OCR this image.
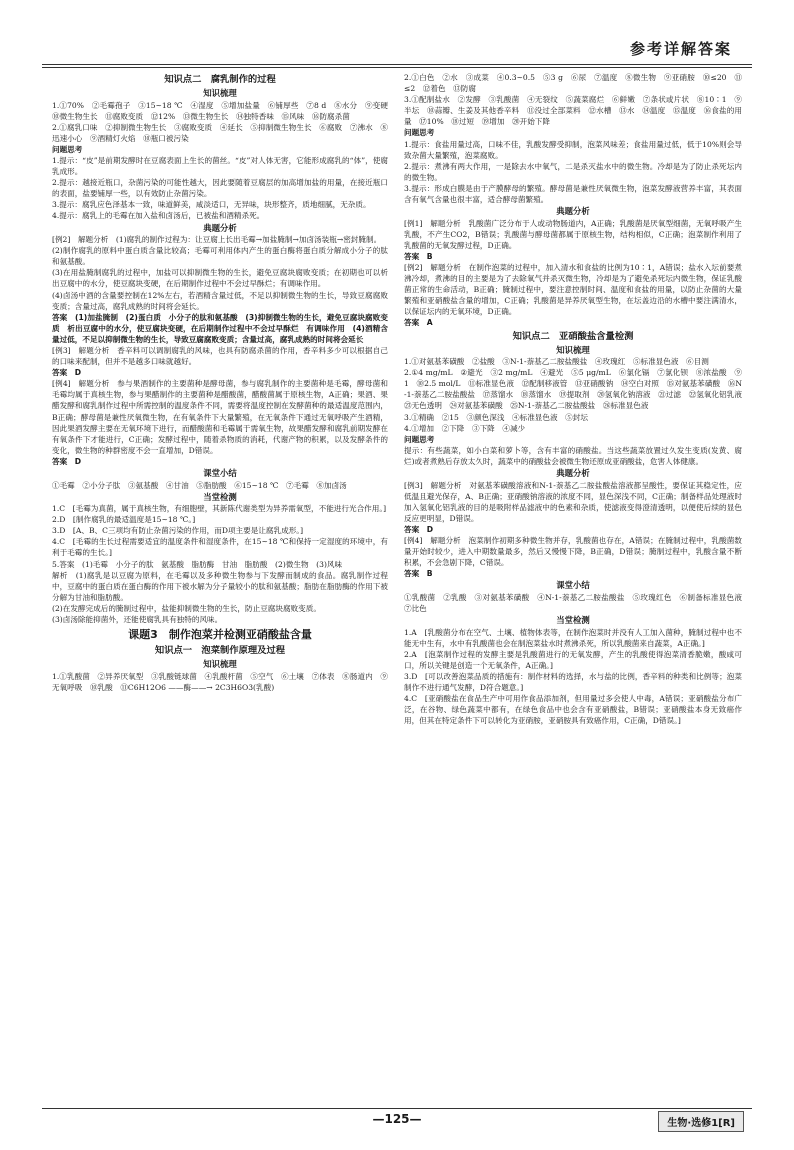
参考详解答案
知识点二　腐乳制作的过程
知识梳理

1.①70%　②毛霉孢子　③15~18 ℃　④湿度　⑤增加盐量　⑥铺厚些　⑦8 d　⑧水分　⑨变硬　⑩微生物生长　⑪腐败变质　⑫12%　⑬微生物生长　⑭独特香味　⑮风味　⑯防腐杀菌

2.①腐乳口味　②抑制微生物生长　③腐败变质　④延长　⑤抑制微生物生长　⑥腐败　⑦沸水　⑧迅速小心　⑨酒精灯火焰　⑩瓶口被污染

问题思考

1.提示：“皮”是前期发酵时在豆腐表面上生长的菌丝。“皮”对人体无害，它能形成腐乳的“体”，使腐乳成形。

2.提示：越接近瓶口，杂菌污染的可能性越大，因此要随着豆腐层的加高增加盐的用量，在接近瓶口的表面，盐要铺厚一些，以有效防止杂菌污染。

3.提示：腐乳应色泽基本一致，味道鲜美，咸淡适口，无异味，块形整齐，质地细腻，无杂质。

4.提示：腐乳上的毛霉在加入盐和卤汤后，已被盐和酒精杀死。

典题分析

[例2]　解题分析　(1)腐乳的制作过程为：让豆腐上长出毛霉→加盐腌制→加卤汤装瓶→密封腌制。

(2)制作腐乳的原料中蛋白质含量比较高；毛霉可利用体内产生的蛋白酶将蛋白质分解成小分子的肽和氨基酸。

(3)在用盐腌制腐乳的过程中，加盐可以抑制微生物的生长，避免豆腐块腐败变质；在初期也可以析出豆腐中的水分，使豆腐块变硬，在后期制作过程中不会过早酥烂；有调味作用。

(4)卤汤中酒的含量要控制在12%左右，若酒精含量过低，不足以抑制微生物的生长，导致豆腐腐败变质；含量过高，腐乳成熟的时间将会延长。

答案　(1)加盐腌制　(2)蛋白质　小分子的肽和氨基酸　(3)抑制微生物的生长，避免豆腐块腐败变质　析出豆腐中的水分，使豆腐块变硬，在后期制作过程中不会过早酥烂　有调味作用　(4)酒精含量过低，不足以抑制微生物的生长，导致豆腐腐败变质；含量过高，腐乳成熟的时间将会延长

[例3]　解题分析　香辛料可以调制腐乳的风味，也具有防腐杀菌的作用，香辛料多少可以根据自己的口味来配制，但并不是越多口味就越好。

答案　D

[例4]　解题分析　参与果酒制作的主要菌种是酵母菌，参与腐乳制作的主要菌种是毛霉，酵母菌和毛霉均属于真核生物，参与果醋制作的主要菌种是醋酸菌，醋酸菌属于原核生物，A正确；果酒、果醋发酵和腐乳制作过程中所需控制的温度条件不同，需要将温度控制在发酵菌种的最适温度范围内，B正确；酵母菌是兼性厌氧微生物，在有氧条件下大量繁殖，在无氧条件下通过无氧呼吸产生酒精，因此果酒发酵主要在无氧环境下进行，而醋酸菌和毛霉属于需氧生物，故果醋发酵和腐乳前期发酵在有氧条件下才能进行，C正确；发酵过程中，随着杀物质的消耗，代谢产物的积累，以及发酵条件的变化，微生物的种群密度不会一直增加，D错误。

答案　D

课堂小结

①毛霉　②小分子肽　③氨基酸　④甘油　⑤脂肪酸　⑥15~18 ℃　⑦毛霉　⑧加卤汤

当堂检测

1.C　[毛霉为真菌，属于真核生物，有细胞壁，其新陈代谢类型为异养需氧型，不能进行光合作用。]

2.D　[制作腐乳的最适温度是15~18 ℃。]

3.D　[A、B、C三项均有防止杂菌污染的作用，而D项主要是让腐乳成形。]

4.C　[毛霉的生长过程需要适宜的温度条件和湿度条件，在15~18 ℃和保持一定湿度的环境中，有利于毛霉的生长。]

5.答案　(1)毛霉　小分子的肽　氨基酸　脂肪酶　甘油　脂肪酸　(2)微生物　(3)风味

解析　(1)腐乳是以豆腐为原料，在毛霉以及多种微生物参与下发酵而制成的食品。腐乳制作过程中，豆腐中的蛋白质在蛋白酶的作用下被水解为分子量较小的肽和氨基酸；脂肪在脂肪酶的作用下被分解为甘油和脂肪酸。

(2)在发酵完成后的腌制过程中，盐能抑制微生物的生长，防止豆腐块腐败变质。

(3)卤汤除能抑菌外，还能使腐乳具有独特的风味。

课题3　制作泡菜并检测亚硝酸盐含量
知识点一　泡菜制作原理及过程
知识梳理

1.①乳酸菌　②异养厌氧型　③乳酸链球菌　④乳酸杆菌　⑤空气　⑥土壤　⑦体表　⑧肠道内　⑨无氧呼吸　⑩乳酸　⑪C6H12O6 ——酶——→ 2C3H6O3(乳酸)

2.①白色　②水　③成菜　④0.3~0.5　⑤3 g　⑥尿　⑦温度　⑧微生物　⑨亚硝胺　⑩≤20　⑪≤2　⑫着色　⑬防腐

3.①配制盐水　②发酵　③乳酸菌　④无裂纹　⑤蔬菜腐烂　⑥鲜嫩　⑦条状或片状　⑧10∶1　⑨半坛　⑩蒜瓣、生姜及其他香辛料　⑪没过全部菜料　⑫水槽　⑬水　⑭温度　⑮温度　⑯食盐的用量　⑰10%　⑱过短　⑲增加　⑳开始下降

问题思考

1.提示：食盐用量过高，口味不佳，乳酸发酵受抑制，泡菜风味差；食盐用量过低，低于10%则会导致杂菌大量繁殖，泡菜腐败。

2.提示：煮沸有两大作用，一是除去水中氧气，二是杀灭盐水中的微生物。冷却是为了防止杀死坛内的微生物。

3.提示：形成白膜是由于产膜酵母的繁殖。酵母菌是兼性厌氧微生物，泡菜发酵液营养丰富，其表面含有氧气含量也很丰富，适合酵母菌繁殖。

典题分析

[例1]　解题分析　乳酸菌广泛分布于人或动物肠道内，A正确；乳酸菌是厌氧型细菌，无氧呼吸产生乳酸，不产生CO2，B错误；乳酸菌与酵母菌都属于原核生物，结构相似，C正确；泡菜制作利用了乳酸菌的无氧发酵过程，D正确。

答案　B

[例2]　解题分析　在制作泡菜的过程中，加入清水和食盐的比例为10∶1，A错误；盐水入坛前要煮沸冷却，煮沸的目的主要是为了去除氧气并杀灭微生物，冷却是为了避免杀死坛内微生物，保证乳酸菌正常的生命活动，B正确；腌制过程中，要注意控制时间、温度和食盐的用量，以防止杂菌的大量繁殖和亚硝酸盐含量的增加，C正确；乳酸菌是异养厌氧型生物，在坛盖边沿的水槽中要注满清水，以保证坛内的无氧环境，D正确。

答案　A

知识点二　亚硝酸盐含量检测
知识梳理

1.①对氨基苯磺酸　②盐酸　③N-1-萘基乙二胺盐酸盐　④玫瑰红　⑤标准显色液　⑥目测

2.①4 mg/mL　②避光　③2 mg/mL　④避光　⑤5 μg/mL　⑥氯化镉　⑦氯化钡　⑧浓盐酸　⑨1　⑩2.5 mol/L　⑪标准显色液　⑫配制移液管　⑬亚硝酸钠　⑭空白对照　⑮对氨基苯磺酸　⑯N-1-萘基乙二胺盐酸盐　⑰蒸馏水　⑱蒸馏水　⑲提取剂　⑳氢氧化钠溶液　㉑过滤　㉒氢氧化铝乳液　㉓无色透明　㉔对氨基苯磺酸　㉕N-1-萘基乙二胺盐酸盐　㉖标准显色液

3.①精确　②15　③颜色深浅　④标准显色液　⑤封坛

4.①增加　②下降　③下降　④减少

问题思考

提示：有些蔬菜，如小白菜和萝卜等，含有丰富的硝酸盐。当这些蔬菜放置过久发生变质(发黄、腐烂)或者煮熟后存放太久时，蔬菜中的硝酸盐会被微生物还原成亚硝酸盐，危害人体健康。

典题分析

[例3]　解题分析　对氨基苯磺酸溶液和N-1-萘基乙二胺盐酸盐溶液都呈酸性，要保证其稳定性，应低温且避光保存，A、B正确；亚硝酸钠溶液的浓度不同，显色深浅不同，C正确；制备样品处理液时加入氢氧化铝乳液的目的是吸附样品滤液中的色素和杂质，使滤液变得澄清透明，以便使后续的显色反应更明显，D错误。

答案　D

[例4]　解题分析　泡菜制作初期多种微生物并存，乳酸菌也存在，A错误；在腌制过程中，乳酸菌数量开始时较少，进入中期数量最多，然后又慢慢下降，B正确，D错误；腌制过程中，乳酸含量不断积累，不会急剧下降，C错误。

答案　B

课堂小结

①乳酸菌　②乳酸　③对氨基苯磺酸　④N-1-萘基乙二胺盐酸盐　⑤玫瑰红色　⑥制备标准显色液　⑦比色

当堂检测

1.A　[乳酸菌分布在空气、土壤、植物体表等，在制作泡菜时并没有人工加入菌种，腌制过程中也不能无中生有，水中有乳酸菌也会在制泡菜盐水时煮沸杀死，所以乳酸菌来自蔬菜，A正确。]

2.A　[泡菜制作过程的发酵主要是乳酸菌进行的无氧发酵，产生的乳酸使得泡菜清香脆嫩，酸咸可口，所以关键是创造一个无氧条件，A正确。]

3.D　[可以改善泡菜品质的措施有：制作材料的选择，水与盐的比例，香辛料的种类和比例等；泡菜制作不进行通气发酵，D符合题意。]

4.C　[亚硝酸盐在食品生产中可用作食品添加剂，但用量过多会使人中毒，A错误；亚硝酸盐分布广泛，在谷物、绿色蔬菜中都有，在绿色食品中也会含有亚硝酸盐，B错误；亚硝酸盐本身无致癌作用，但其在特定条件下可以转化为亚硝胺，亚硝胺具有致癌作用，C正确，D错误。]

—125—	生物·选修1[R]
